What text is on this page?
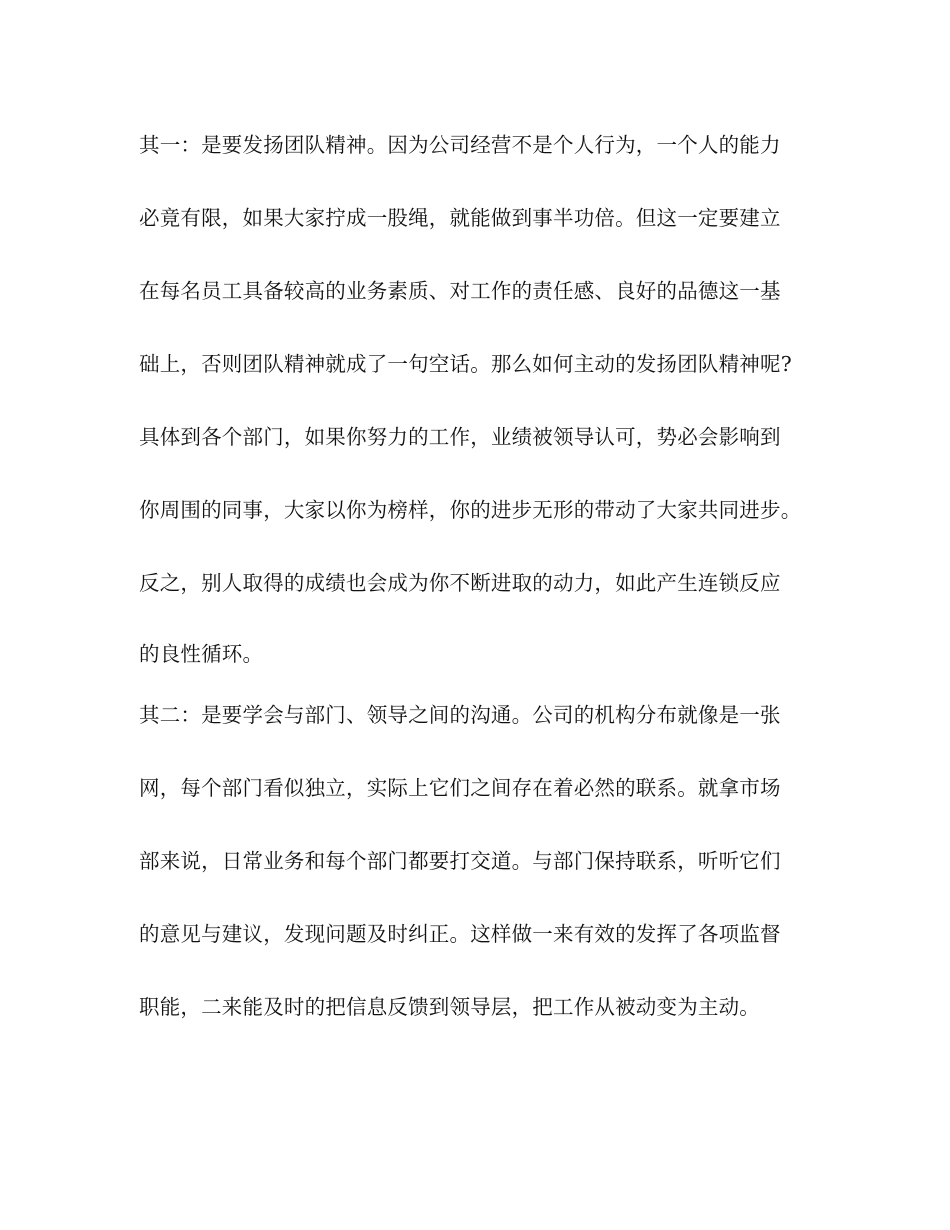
其一：是要发扬团队精神。因为公司经营不是个人行为，一个人的能力
必竟有限，如果大家拧成一股绳，就能做到事半功倍。但这一定要建立
在每名员工具备较高的业务素质、对工作的责任感、良好的品德这一基
础上，否则团队精神就成了一句空话。那么如何主动的发扬团队精神呢?
具体到各个部门，如果你努力的工作，业绩被领导认可，势必会影响到
你周围的同事，大家以你为榜样，你的进步无形的带动了大家共同进步。
反之，别人取得的成绩也会成为你不断进取的动力，如此产生连锁反应
的良性循环。
其二：是要学会与部门、领导之间的沟通。公司的机构分布就像是一张
网，每个部门看似独立，实际上它们之间存在着必然的联系。就拿市场
部来说，日常业务和每个部门都要打交道。与部门保持联系，听听它们
的意见与建议，发现问题及时纠正。这样做一来有效的发挥了各项监督
职能，二来能及时的把信息反馈到领导层，把工作从被动变为主动。
